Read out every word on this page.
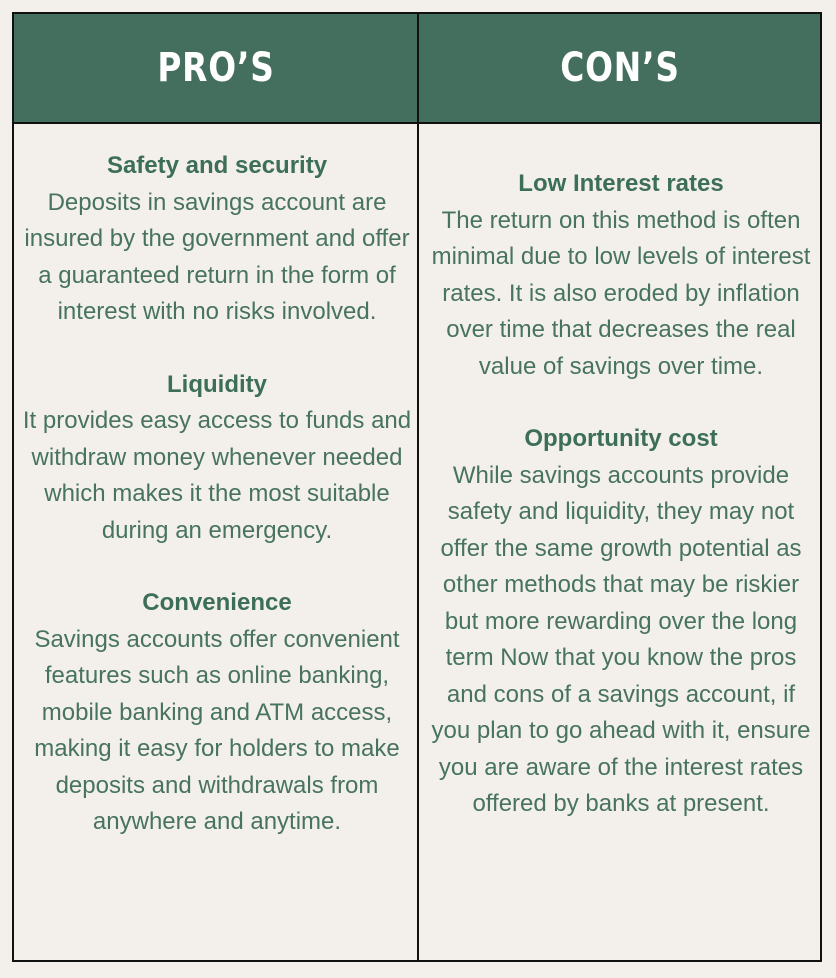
PRO’S	CON’S
Safety and security
Deposits in savings account are insured by the government and offer a guaranteed return in the form of interest with no risks involved.
Liquidity
It provides easy access to funds and withdraw money whenever needed which makes it the most suitable during an emergency.
Convenience
Savings accounts offer convenient features such as online banking, mobile banking and ATM access, making it easy for holders to make deposits and withdrawals from anywhere and anytime.
Low Interest rates
The return on this method is often minimal due to low levels of interest rates. It is also eroded by inflation over time that decreases the real value of savings over time.
Opportunity cost
While savings accounts provide safety and liquidity, they may not offer the same growth potential as other methods that may be riskier but more rewarding over the long term Now that you know the pros and cons of a savings account, if you plan to go ahead with it, ensure you are aware of the interest rates offered by banks at present.
